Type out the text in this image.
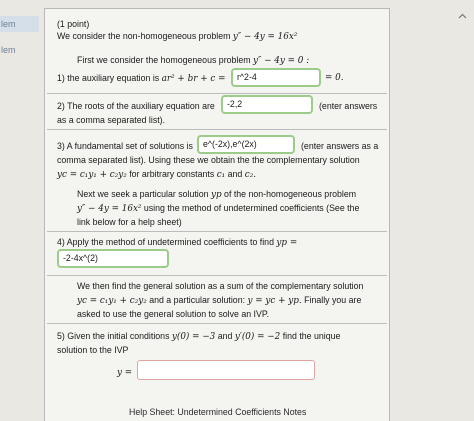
lem
lem
(1 point)
We consider the non-homogeneous problem y″ − 4y = 16x²
First we consider the homogeneous problem y″ − 4y = 0 :
1) the auxiliary equation is ar² + br + c =	r^2-4	= 0.
2) The roots of the auxiliary equation are	-2,2	(enter answers
as a comma separated list).
3) A fundamental set of solutions is	e^(-2x),e^(2x)	(enter answers as a
comma separated list). Using these we obtain the the complementary solution
yc = c₁y₁ + c₂y₂ for arbitrary constants c₁ and c₂.
Next we seek a particular solution yp of the non-homogeneous problem
y″ − 4y = 16x² using the method of undetermined coefficients (See the
link below for a help sheet)
4) Apply the method of undetermined coefficients to find yp =
-2-4x^(2)
We then find the general solution as a sum of the complementary solution
yc = c₁y₁ + c₂y₂ and a particular solution: y = yc + yp. Finally you are
asked to use the general solution to solve an IVP.
5) Given the initial conditions y(0) = −3 and y′(0) = −2 find the unique
solution to the IVP
y =
Help Sheet: Undetermined Coefficients Notes
